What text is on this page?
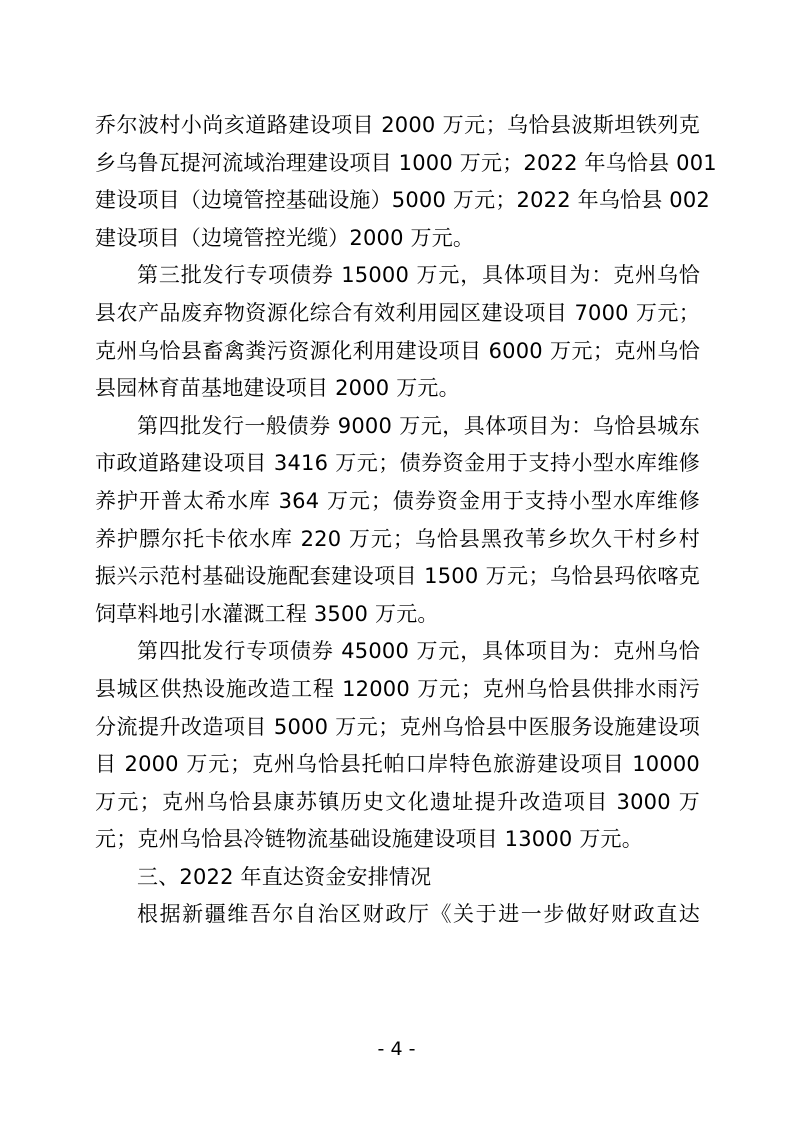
乔尔波村小尚亥道路建设项目 2000 万元；乌恰县波斯坦铁列克
乡乌鲁瓦提河流域治理建设项目 1000 万元；2022 年乌恰县 001
建设项目（边境管控基础设施）5000 万元；2022 年乌恰县 002
建设项目（边境管控光缆）2000 万元。
第三批发行专项债券 15000 万元，具体项目为：克州乌恰
县农产品废弃物资源化综合有效利用园区建设项目 7000 万元；
克州乌恰县畜禽粪污资源化利用建设项目 6000 万元；克州乌恰
县园林育苗基地建设项目 2000 万元。
第四批发行一般债券 9000 万元，具体项目为：乌恰县城东
市政道路建设项目 3416 万元；债券资金用于支持小型水库维修
养护开普太希水库 364 万元；债券资金用于支持小型水库维修
养护膘尔托卡依水库 220 万元；乌恰县黑孜苇乡坎久干村乡村
振兴示范村基础设施配套建设项目 1500 万元；乌恰县玛依喀克
饲草料地引水灌溉工程 3500 万元。
第四批发行专项债券 45000 万元，具体项目为：克州乌恰
县城区供热设施改造工程 12000 万元；克州乌恰县供排水雨污
分流提升改造项目 5000 万元；克州乌恰县中医服务设施建设项
目 2000 万元；克州乌恰县托帕口岸特色旅游建设项目 10000
万元；克州乌恰县康苏镇历史文化遗址提升改造项目 3000 万
元；克州乌恰县冷链物流基础设施建设项目 13000 万元。
三、2022 年直达资金安排情况
根据新疆维吾尔自治区财政厅《关于进一步做好财政直达
- 4 -
